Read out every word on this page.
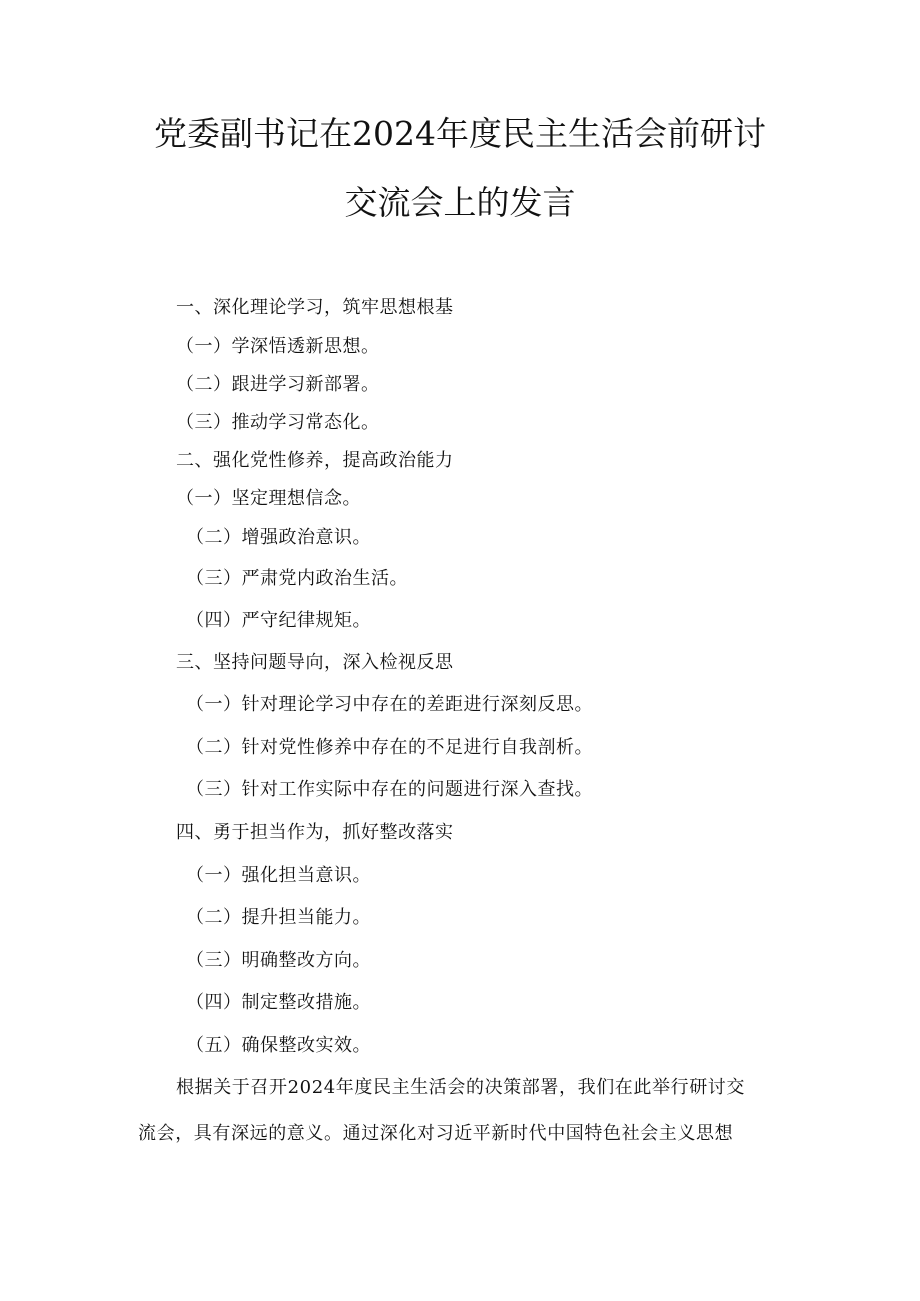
党委副书记在2024年度民主生活会前研讨
交流会上的发言
一、深化理论学习，筑牢思想根基
（一）学深悟透新思想。
（二）跟进学习新部署。
（三）推动学习常态化。
二、强化党性修养，提高政治能力
（一）坚定理想信念。
（二）增强政治意识。
（三）严肃党内政治生活。
（四）严守纪律规矩。
三、坚持问题导向，深入检视反思
（一）针对理论学习中存在的差距进行深刻反思。
（二）针对党性修养中存在的不足进行自我剖析。
（三）针对工作实际中存在的问题进行深入查找。
四、勇于担当作为，抓好整改落实
（一）强化担当意识。
（二）提升担当能力。
（三）明确整改方向。
（四）制定整改措施。
（五）确保整改实效。
根据关于召开2024年度民主生活会的决策部署，我们在此举行研讨交
流会，具有深远的意义。通过深化对习近平新时代中国特色社会主义思想
